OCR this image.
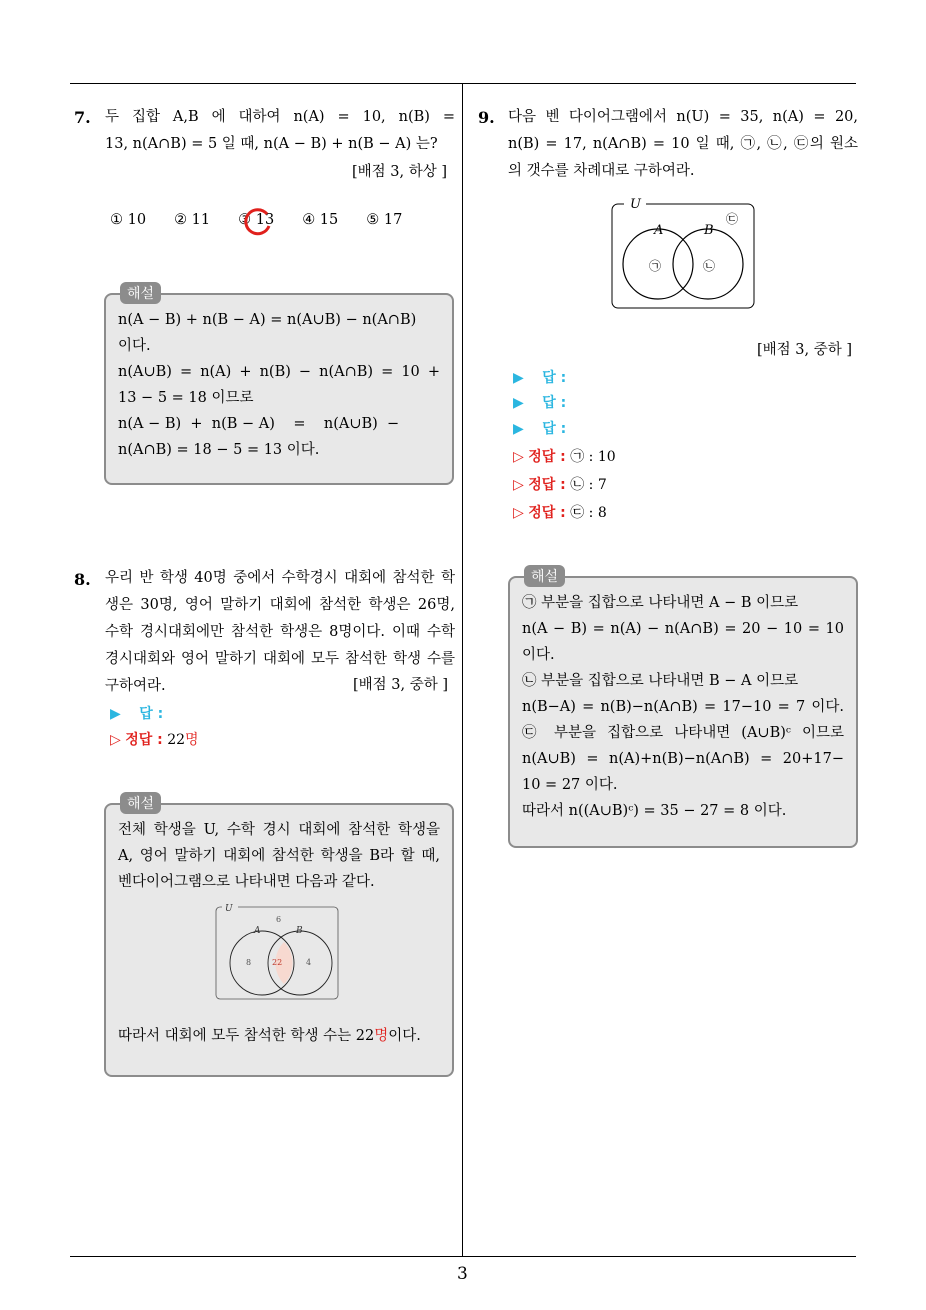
7. 두 집합 A,B 에 대하여 n(A) = 10, n(B) =
13, n(A∩B) = 5 일 때, n(A − B) + n(B − A) 는?
[배점 3, 하상 ]
① 10 ② 11 ③ 13 ④ 15 ⑤ 17
n(A − B) + n(B − A) = n(A∪B) − n(A∩B)
이다.
n(A∪B) = n(A) + n(B) − n(A∩B) = 10 +
13 − 5 = 18 이므로
n(A − B)  +  n(B − A)    =    n(A∪B)  −
n(A∩B) = 18 − 5 = 13 이다.
해설
8. 우리 반 학생 40명 중에서 수학경시 대회에 참석한 학
생은 30명, 영어 말하기 대회에 참석한 학생은 26명,
수학 경시대회에만 참석한 학생은 8명이다. 이때 수학
경시대회와 영어 말하기 대회에 모두 참석한 학생 수를
구하여라.	[배점 3, 중하 ]
▶ 답 :
▷ 정답 : 22명
전체 학생을 U, 수학 경시 대회에 참석한 학생을
A, 영어 말하기 대회에 참석한 학생을 B라 할 때,
벤다이어그램으로 나타내면 다음과 같다.
U
A	B
6
8	22	4
따라서 대회에 모두 참석한 학생 수는 22명이다.
해설
9. 다음 벤 다이어그램에서 n(U) = 35, n(A) = 20,
n(B) = 17, n(A∩B) = 10 일 때, ㉠, ㉡, ㉢의 원소
의 갯수를 차례대로 구하여라.
U
A	B
㉠	㉡
㉢
[배점 3, 중하 ]
▶ 답 :
▶ 답 :
▶ 답 :
▷ 정답 : ㉠ : 10
▷ 정답 : ㉡ : 7
▷ 정답 : ㉢ : 8
㉠ 부분을 집합으로 나타내면 A − B 이므로
n(A − B) = n(A) − n(A∩B) = 20 − 10 = 10
이다.
㉡ 부분을 집합으로 나타내면 B − A 이므로
n(B−A) = n(B)−n(A∩B) = 17−10 = 7 이다.
㉢ 부분을 집합으로 나타내면 (A∪B)ᶜ 이므로
n(A∪B) = n(A)+n(B)−n(A∩B) = 20+17−
10 = 27 이다.
따라서 n((A∪B)ᶜ) = 35 − 27 = 8 이다.
해설
3
